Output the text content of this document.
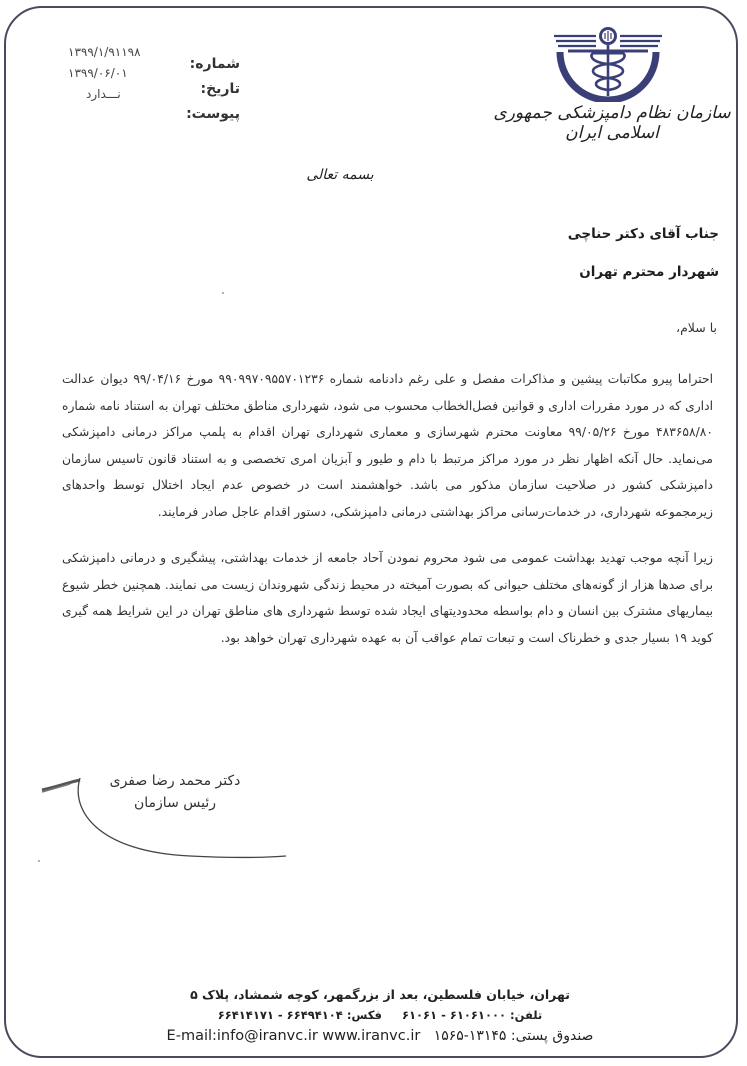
۱۳۹۹/۱/۹۱۱۹۸
۱۳۹۹/۰۶/۰۱
نـــدارد
شماره:
تاریخ:
پیوست:	سازمان نظام دامپزشکی جمهوری اسلامی ایران
بسمه تعالی
جناب آقای دکتر حناچی
شهردار محترم تهران
با سلام،

احتراما پیرو مکاتبات پیشین و مذاکرات مفصل و علی رغم دادنامه شماره ۹۹۰۹۹۷۰۹۵۵۷۰۱۲۳۶ مورخ ۹۹/۰۴/۱۶ دیوان عدالت اداری که در مورد مقررات اداری و قوانین فصل‌الخطاب محسوب می شود، شهرداری مناطق مختلف تهران به استناد نامه شماره ۴۸۳۶۵۸/۸۰ مورخ ۹۹/۰۵/۲۶ معاونت محترم شهرسازی و معماری شهرداری تهران اقدام به پلمپ مراکز درمانی دامپزشکی می‌نماید. حال آنکه اظهار نظر در مورد مراکز مرتبط با دام و طیور و آبزیان امری تخصصی و به استناد قانون تاسیس سازمان دامپزشکی کشور در صلاحیت سازمان مذکور می باشد. خواهشمند است در خصوص عدم ایجاد اختلال توسط واحدهای زیرمجموعه شهرداری، در خدمات‌رسانی مراکز بهداشتی درمانی دامپزشکی، دستور اقدام عاجل صادر فرمایند.

زیرا آنچه موجب تهدید بهداشت عمومی می شود محروم نمودن آحاد جامعه از خدمات بهداشتی، پیشگیری و درمانی دامپزشکی برای صدها هزار از گونه‌های مختلف حیوانی که بصورت آمیخته در محیط زندگی شهروندان زیست می نمایند. همچنین خطر شیوع بیماریهای مشترک بین انسان و دام بواسطه محدودیتهای ایجاد شده توسط شهرداری های مناطق تهران در این شرایط همه گیری کوید ۱۹ بسیار جدی و خطرناک است و تبعات تمام عواقب آن به عهده شهرداری تهران خواهد بود.

دکتر محمد رضا صفری
رئیس سازمان
تهران، خیابان فلسطین، بعد از بزرگمهر، کوچه شمشاد، پلاک ۵
تلفن: ۶۱۰۶۱۰۰۰ - ۶۱۰۶۱     فکس: ۶۶۴۹۴۱۰۴ - ۶۶۴۱۴۱۷۱
صندوق پستی: ۱۳۱۴۵-۱۵۶۵   E-mail:info@iranvc.ir www.iranvc.ir
